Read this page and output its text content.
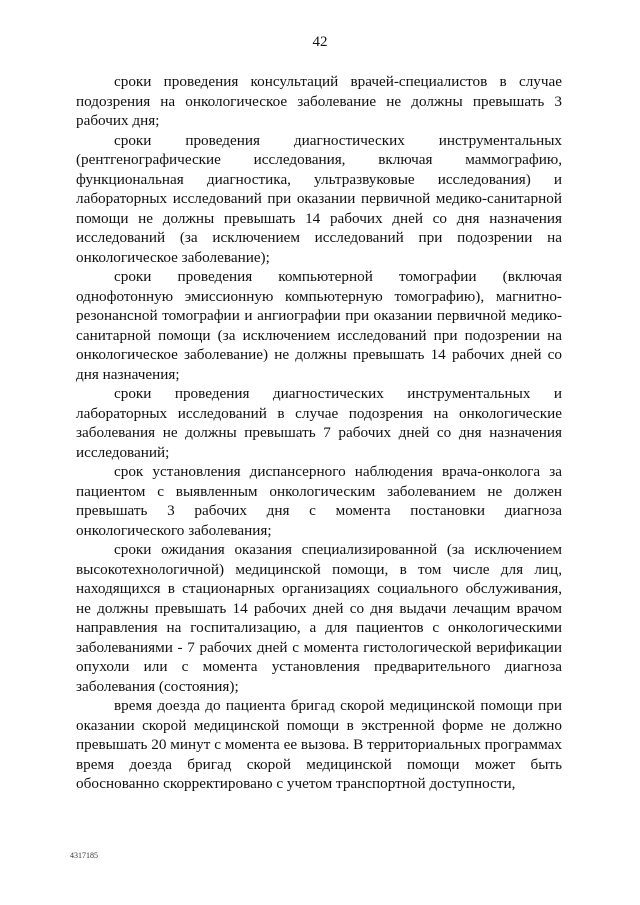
42

сроки проведения консультаций врачей-специалистов в случае подозрения на онкологическое заболевание не должны превышать 3 рабочих дня;

сроки проведения диагностических инструментальных (рентгенографические исследования, включая маммографию, функциональная диагностика, ультразвуковые исследования) и лабораторных исследований при оказании первичной медико-санитарной помощи не должны превышать 14 рабочих дней со дня назначения исследований (за исключением исследований при подозрении на онкологическое заболевание);

сроки проведения компьютерной томографии (включая однофотонную эмиссионную компьютерную томографию), магнитно-резонансной томографии и ангиографии при оказании первичной медико-санитарной помощи (за исключением исследований при подозрении на онкологическое заболевание) не должны превышать 14 рабочих дней со дня назначения;

сроки проведения диагностических инструментальных и лабораторных исследований в случае подозрения на онкологические заболевания не должны превышать 7 рабочих дней со дня назначения исследований;

срок установления диспансерного наблюдения врача-онколога за пациентом с выявленным онкологическим заболеванием не должен превышать 3 рабочих дня с момента постановки диагноза онкологического заболевания;

сроки ожидания оказания специализированной (за исключением высокотехнологичной) медицинской помощи, в том числе для лиц, находящихся в стационарных организациях социального обслуживания, не должны превышать 14 рабочих дней со дня выдачи лечащим врачом направления на госпитализацию, а для пациентов с онкологическими заболеваниями - 7 рабочих дней с момента гистологической верификации опухоли или с момента установления предварительного диагноза заболевания (состояния);

время доезда до пациента бригад скорой медицинской помощи при оказании скорой медицинской помощи в экстренной форме не должно превышать 20 минут с момента ее вызова. В территориальных программах время доезда бригад скорой медицинской помощи может быть обоснованно скорректировано с учетом транспортной доступности,

4317185
